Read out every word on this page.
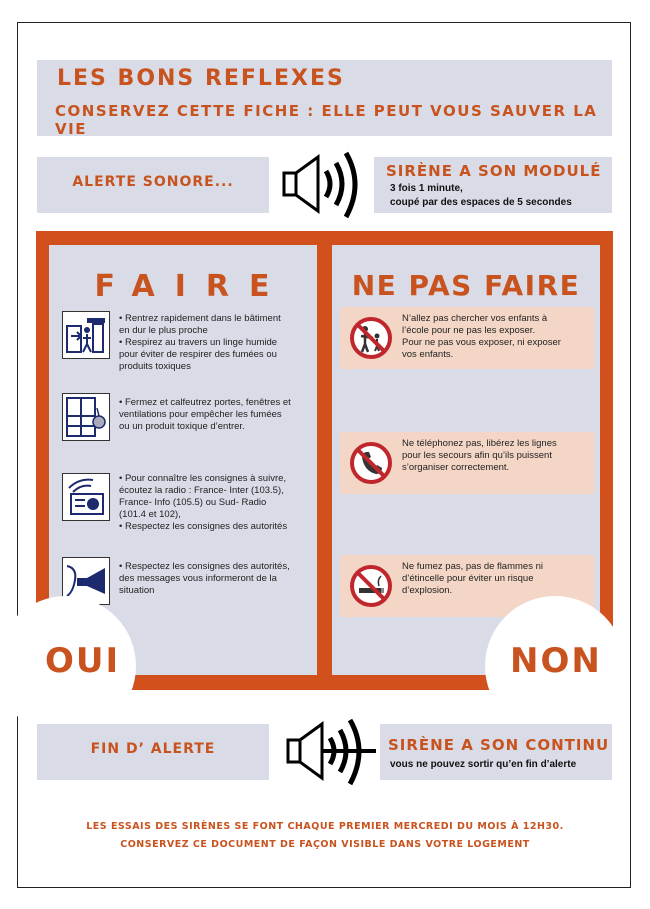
LES BONS REFLEXES
CONSERVEZ CETTE FICHE : ELLE PEUT VOUS SAUVER LA VIE
ALERTE SONORE...
SIRÈNE A SON MODULÉ
3 fois 1 minute,
coupé par des espaces de 5 secondes
FAIRE
• Rentrez rapidement dans le bâtiment
en dur le plus proche
• Respirez au travers un linge humide
pour éviter de respirer des fumées ou
produits toxiques
• Fermez et calfeutrez portes, fenêtres et
ventilations pour empêcher les fumées
ou un produit toxique d’entrer.
• Pour connaître les consignes à suivre,
écoutez la radio : France- Inter (103.5),
France- Info (105.5) ou Sud- Radio
(101.4 et 102),
• Respectez les consignes des autorités
• Respectez les consignes des autorités,
des messages vous informeront de la
situation
NE PAS FAIRE
N’allez pas chercher vos enfants à
l’école pour ne pas les exposer.
Pour ne pas vous exposer, ni exposer
vos enfants.
Ne téléphonez pas, libérez les lignes
pour les secours afin qu’ils puissent
s’organiser correctement.
Ne fumez pas, pas de flammes ni
d’étincelle pour éviter un risque
d’explosion.
OUI	NON
FIN D’ ALERTE	SIRÈNE A SON CONTINU
vous ne pouvez sortir qu’en fin d’alerte
LES ESSAIS DES SIRÈNES SE FONT CHAQUE PREMIER MERCREDI DU MOIS À 12H30.
CONSERVEZ CE DOCUMENT DE FAÇON VISIBLE DANS VOTRE LOGEMENT
